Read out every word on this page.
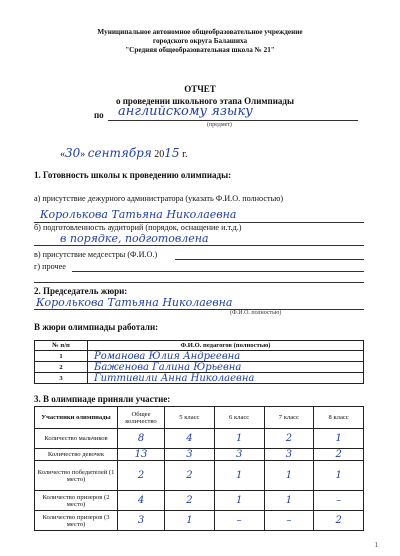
Муниципальное автономное общеобразовательное учреждение
городского округа Балашиха
"Средняя общеобразовательная школа № 21"
ОТЧЕТ
о проведении школьного этапа Олимпиады
по английскому языку
(предмет)
«30» сентября 2015 г.
1. Готовность школы к проведению олимпиады:
а) присутствие дежурного администратора (указать Ф.И.О. полностью)
Королькова Татьяна Николаевна
б) подготовленность аудиторий (порядок, оснащение и.т.д.)
в порядке, подготовлена
в) присутствие медсестры (Ф.И.О.)
г) прочее
2. Председатель жюри:
Королькова Татьяна Николаевна
(Ф.И.О. полностью)
В жюри олимпиады работали:
№ п/п	Ф.И.О. педагогов (полностью)
1	Романова Юлия Андреевна
2	Баженова Галина Юрьевна
3	Гиттивили Анна Николаевна
3. В олимпиаде приняли участие:
Участники олимпиады	Общее количество	5 класс	6 класс	7 класс	8 класс
Количество мальчиков	8	4	1	2	1
Количество девочек	13	3	3	3	2
Количество победителей (1 место)	2	2	1	1	1
Количество призеров (2 место)	4	2	1	1	–
Количество призеров (3 место)	3	1	–	–	2
1
